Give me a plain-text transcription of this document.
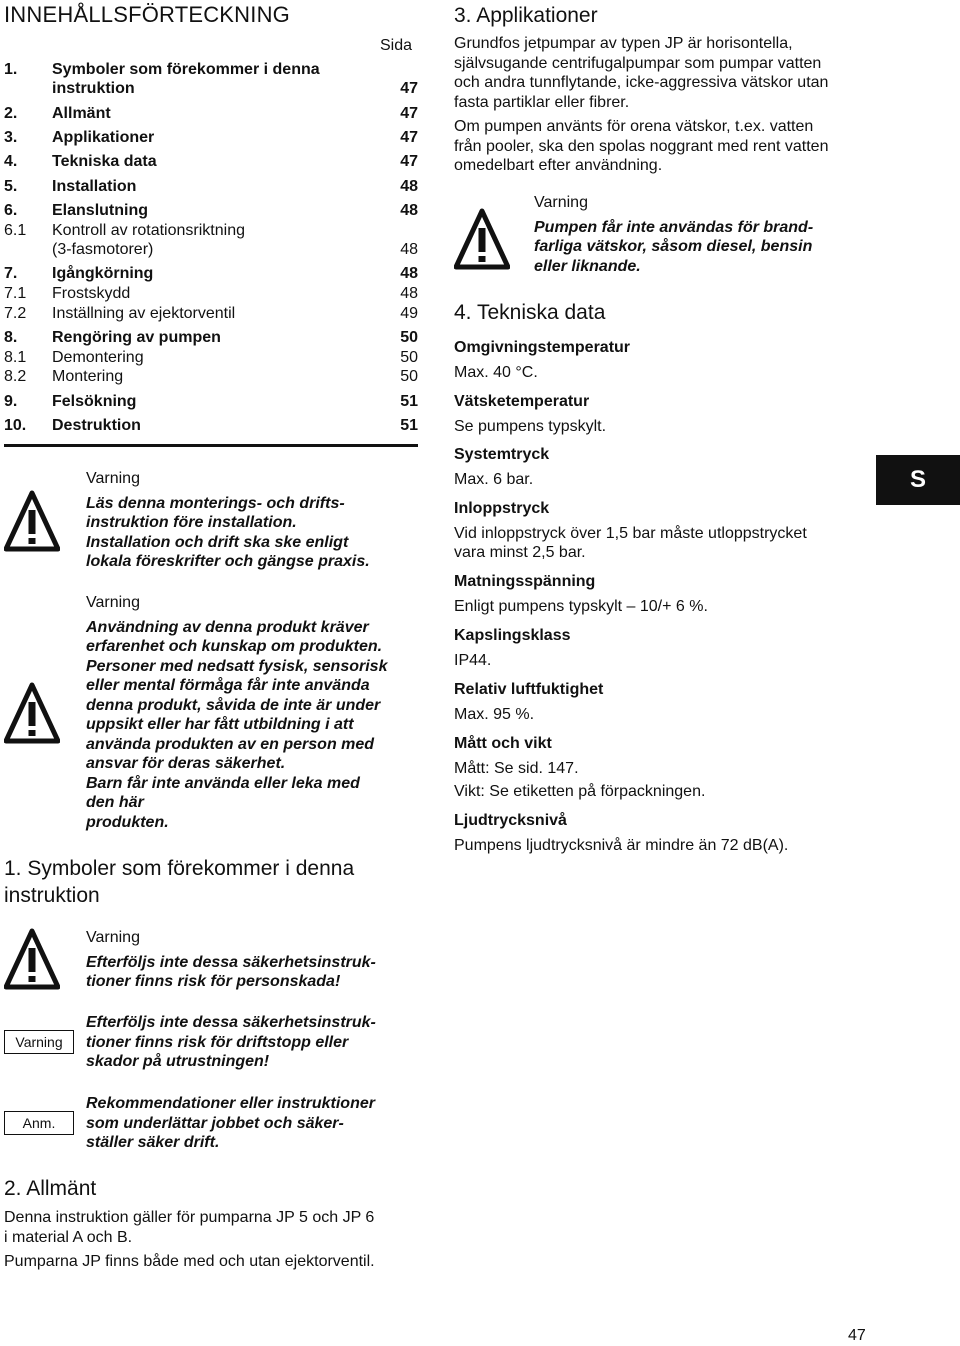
INNEHÅLLSFÖRTECKNING
Sida
1. Symboler som förekommer i denna
instruktion	47
2. Allmänt	47
3. Applikationer	47
4. Tekniska data	47
5. Installation	48
6. Elanslutning	48
6.1 Kontroll av rotationsriktning
(3-fasmotorer)	48
7. Igångkörning	48
7.1 Frostskydd	48
7.2 Inställning av ejektorventil	49
8. Rengöring av pumpen	50
8.1 Demontering	50
8.2 Montering	50
9. Felsökning	51
10. Destruktion	51
Varning
Läs denna monterings- och drifts-
instruktion före installation.
Installation och drift ska ske enligt
lokala föreskrifter och gängse praxis.
Varning
Användning av denna produkt kräver
erfarenhet och kunskap om produkten.
Personer med nedsatt fysisk, sensorisk
eller mental förmåga får inte använda
denna produkt, såvida de inte är under
uppsikt eller har fått utbildning i att
använda produkten av en person med
ansvar för deras säkerhet.
Barn får inte använda eller leka med
den här
produkten.
1. Symboler som förekommer i denna
instruktion
Varning
Efterföljs inte dessa säkerhetsinstruk-
tioner finns risk för personskada!
Varning
Efterföljs inte dessa säkerhetsinstruk-
tioner finns risk för driftstopp eller
skador på utrustningen!
Anm.
Rekommendationer eller instruktioner
som underlättar jobbet och säker-
ställer säker drift.
2. Allmänt
Denna instruktion gäller för pumparna JP 5 och JP 6
i material A och B.
Pumparna JP finns både med och utan ejektorventil.
3. Applikationer
Grundfos jetpumpar av typen JP är horisontella,
självsugande centrifugalpumpar som pumpar vatten
och andra tunnflytande, icke-aggressiva vätskor utan
fasta partiklar eller fibrer.
Om pumpen använts för orena vätskor, t.ex. vatten
från pooler, ska den spolas noggrant med rent vatten
omedelbart efter användning.
Varning
Pumpen får inte användas för brand-
farliga vätskor, såsom diesel, bensin
eller liknande.
4. Tekniska data
Omgivningstemperatur
Max. 40 °C.
Vätsketemperatur
Se pumpens typskylt.
Systemtryck
Max. 6 bar.
Inloppstryck
Vid inloppstryck över 1,5 bar måste utloppstrycket
vara minst 2,5 bar.
Matningsspänning
Enligt pumpens typskylt – 10/+ 6 %.
Kapslingsklass
IP44.
Relativ luftfuktighet
Max. 95 %.
Mått och vikt
Mått: Se sid. 147.
Vikt: Se etiketten på förpackningen.
Ljudtrycksnivå
Pumpens ljudtrycksnivå är mindre än 72 dB(A).
S
47
